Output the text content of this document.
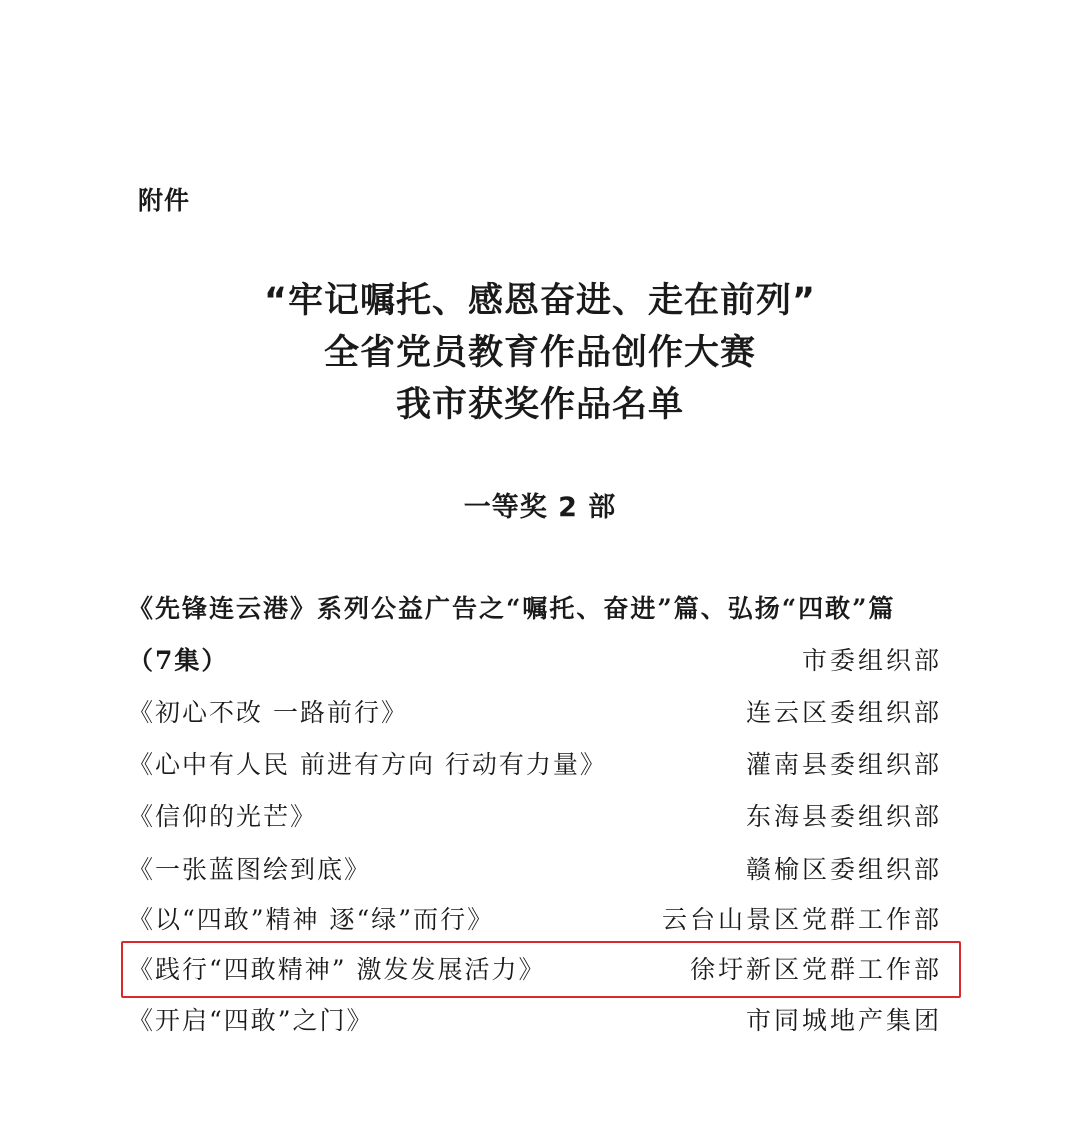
附件
“牢记嘱托、感恩奋进、走在前列”
全省党员教育作品创作大赛
我市获奖作品名单
一等奖 2 部
《先锋连云港》系列公益广告之“嘱托、奋进”篇、弘扬“四敢”篇
（7集）	市委组织部
《初心不改 一路前行》	连云区委组织部
《心中有人民 前进有方向 行动有力量》	灌南县委组织部
《信仰的光芒》	东海县委组织部
《一张蓝图绘到底》	赣榆区委组织部
《以“四敢”精神 逐“绿”而行》	云台山景区党群工作部
《践行“四敢精神” 激发发展活力》	徐圩新区党群工作部
《开启“四敢”之门》	市同城地产集团
